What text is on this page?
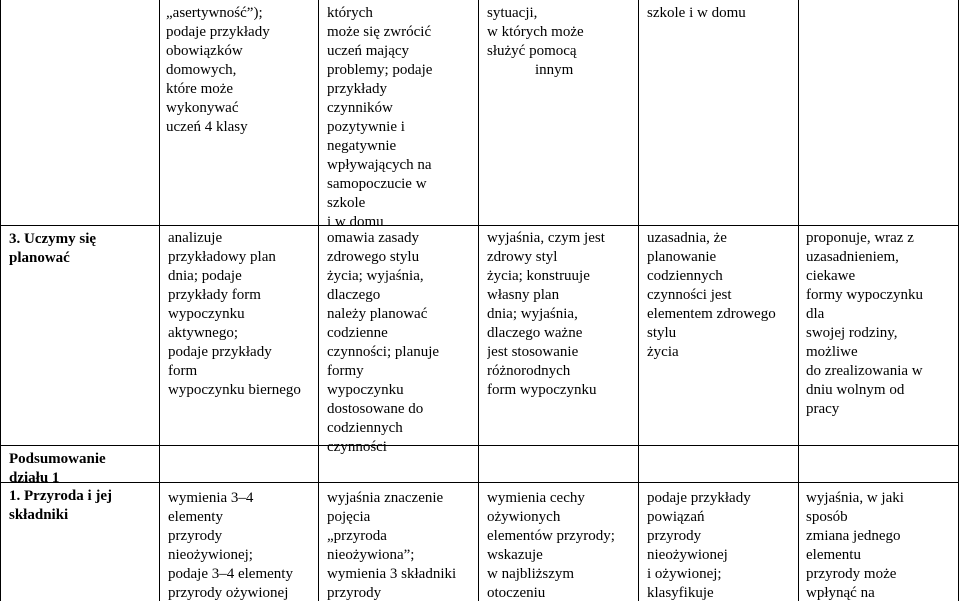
3. Uczymy się
planować
Podsumowanie
działu 1
1. Przyroda i jej
składniki
„asertywność”);
podaje przykłady
obowiązków
domowych,
które może
wykonywać
uczeń 4 klasy
analizuje
przykładowy plan
dnia; podaje
przykłady form
wypoczynku
aktywnego;
podaje przykłady
form
wypoczynku biernego
wymienia 3–4
elementy
przyrody
nieożywionej;
podaje 3–4 elementy
przyrody ożywionej
których
może się zwrócić
uczeń mający
problemy; podaje
przykłady
czynników
pozytywnie i
negatywnie
wpływających na
samopoczucie w
szkole
i w domu
omawia zasady
zdrowego stylu
życia; wyjaśnia,
dlaczego
należy planować
codzienne
czynności; planuje
formy
wypoczynku
dostosowane do
codziennych
czynności
wyjaśnia znaczenie
pojęcia
„przyroda
nieożywiona”;
wymienia 3 składniki
przyrody
sytuacji,
w których może
służyć pomocą
innym
wyjaśnia, czym jest
zdrowy styl
życia; konstruuje
własny plan
dnia; wyjaśnia,
dlaczego ważne
jest stosowanie
różnorodnych
form wypoczynku
wymienia cechy
ożywionych
elementów przyrody;
wskazuje
w najbliższym
otoczeniu
szkole i w domu
uzasadnia, że
planowanie
codziennych
czynności jest
elementem zdrowego
stylu
życia
podaje przykłady
powiązań
przyrody
nieożywionej
i ożywionej;
klasyfikuje
proponuje, wraz z
uzasadnieniem,
ciekawe
formy wypoczynku
dla
swojej rodziny,
możliwe
do zrealizowania w
dniu wolnym od
pracy
wyjaśnia, w jaki
sposób
zmiana jednego
elementu
przyrody może
wpłynąć na
